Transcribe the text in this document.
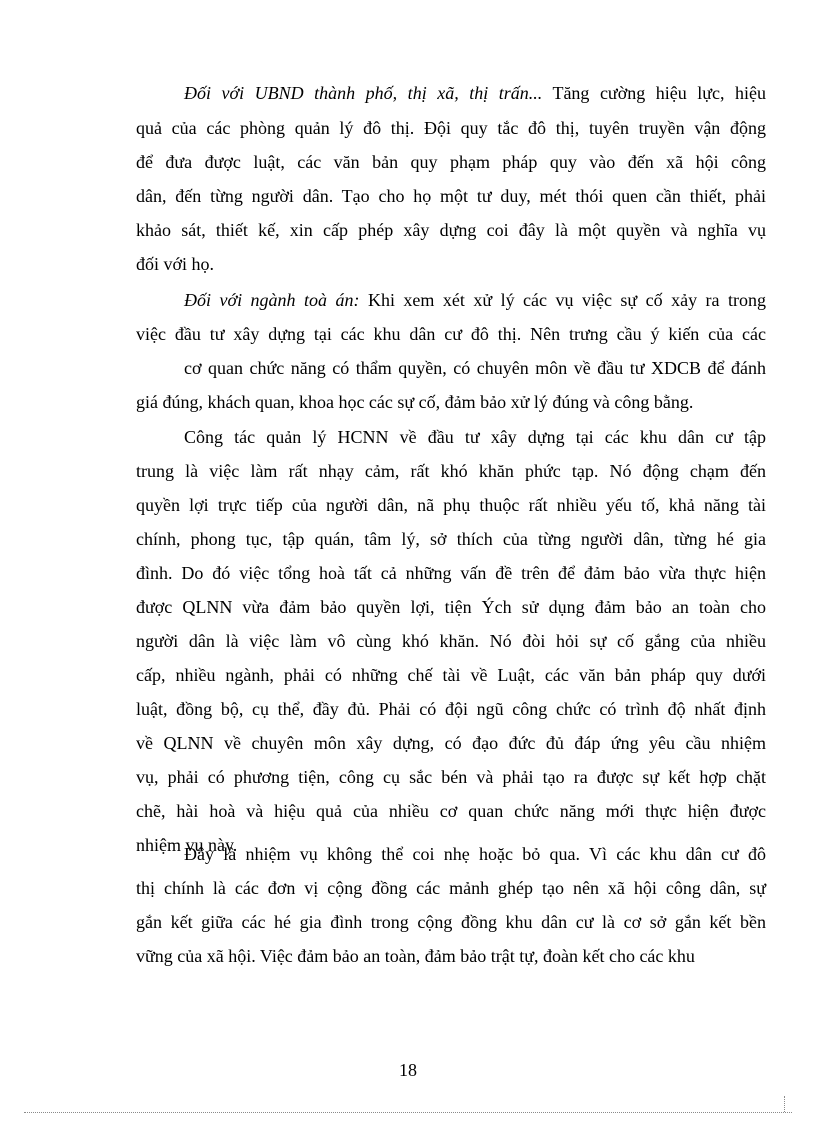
Đối với UBND thành phố, thị xã, thị trấn... Tăng cường hiệu lực, hiệu
quả của các phòng quản lý đô thị. Đội quy tắc đô thị, tuyên truyền vận động
để đưa được luật, các văn bản quy phạm pháp quy vào đến xã hội công
dân, đến từng người dân. Tạo cho họ một tư duy, mét thói quen cần thiết, phải
khảo sát, thiết kế, xin cấp phép xây dựng coi đây là một quyền và nghĩa vụ
đối với họ.
Đối với ngành toà án: Khi xem xét xử lý các vụ việc sự cố xảy ra trong
việc đầu tư xây dựng tại các khu dân cư đô thị. Nên trưng cầu ý kiến của các
cơ quan chức năng có thẩm quyền, có chuyên môn về đầu tư XDCB để đánh
giá đúng, khách quan, khoa học các sự cố, đảm bảo xử lý đúng và công bằng.
Công tác quản lý HCNN về đầu tư xây dựng tại các khu dân cư tập
trung là việc làm rất nhạy cảm, rất khó khăn phức tạp. Nó động chạm đến
quyền lợi trực tiếp của người dân, nã phụ thuộc rất nhiều yếu tố, khả năng tài
chính, phong tục, tập quán, tâm lý, sở thích của từng người dân, từng hé gia
đình. Do đó việc tổng hoà tất cả những vấn đề trên để đảm bảo vừa thực hiện
được QLNN vừa đảm bảo quyền lợi, tiện Ých sử dụng đảm bảo an toàn cho
người dân là việc làm vô cùng khó khăn. Nó đòi hỏi sự cố gắng của nhiều
cấp, nhiều ngành, phải có những chế tài về Luật, các văn bản pháp quy dưới
luật, đồng bộ, cụ thể, đầy đủ. Phải có đội ngũ công chức có trình độ nhất định
về QLNN về chuyên môn xây dựng, có đạo đức đủ đáp ứng yêu cầu nhiệm
vụ, phải có phương tiện, công cụ sắc bén và phải tạo ra được sự kết hợp chặt
chẽ, hài hoà và hiệu quả của nhiều cơ quan chức năng mới thực hiện được
nhiệm vụ này.
Đây là nhiệm vụ không thể coi nhẹ hoặc bỏ qua. Vì các khu dân cư đô
thị chính là các đơn vị cộng đồng các mảnh ghép tạo nên xã hội công dân, sự
gắn kết giữa các hé gia đình trong cộng đồng khu dân cư là cơ sở gắn kết bền
vững của xã hội. Việc đảm bảo an toàn, đảm bảo trật tự, đoàn kết cho các khu
18
